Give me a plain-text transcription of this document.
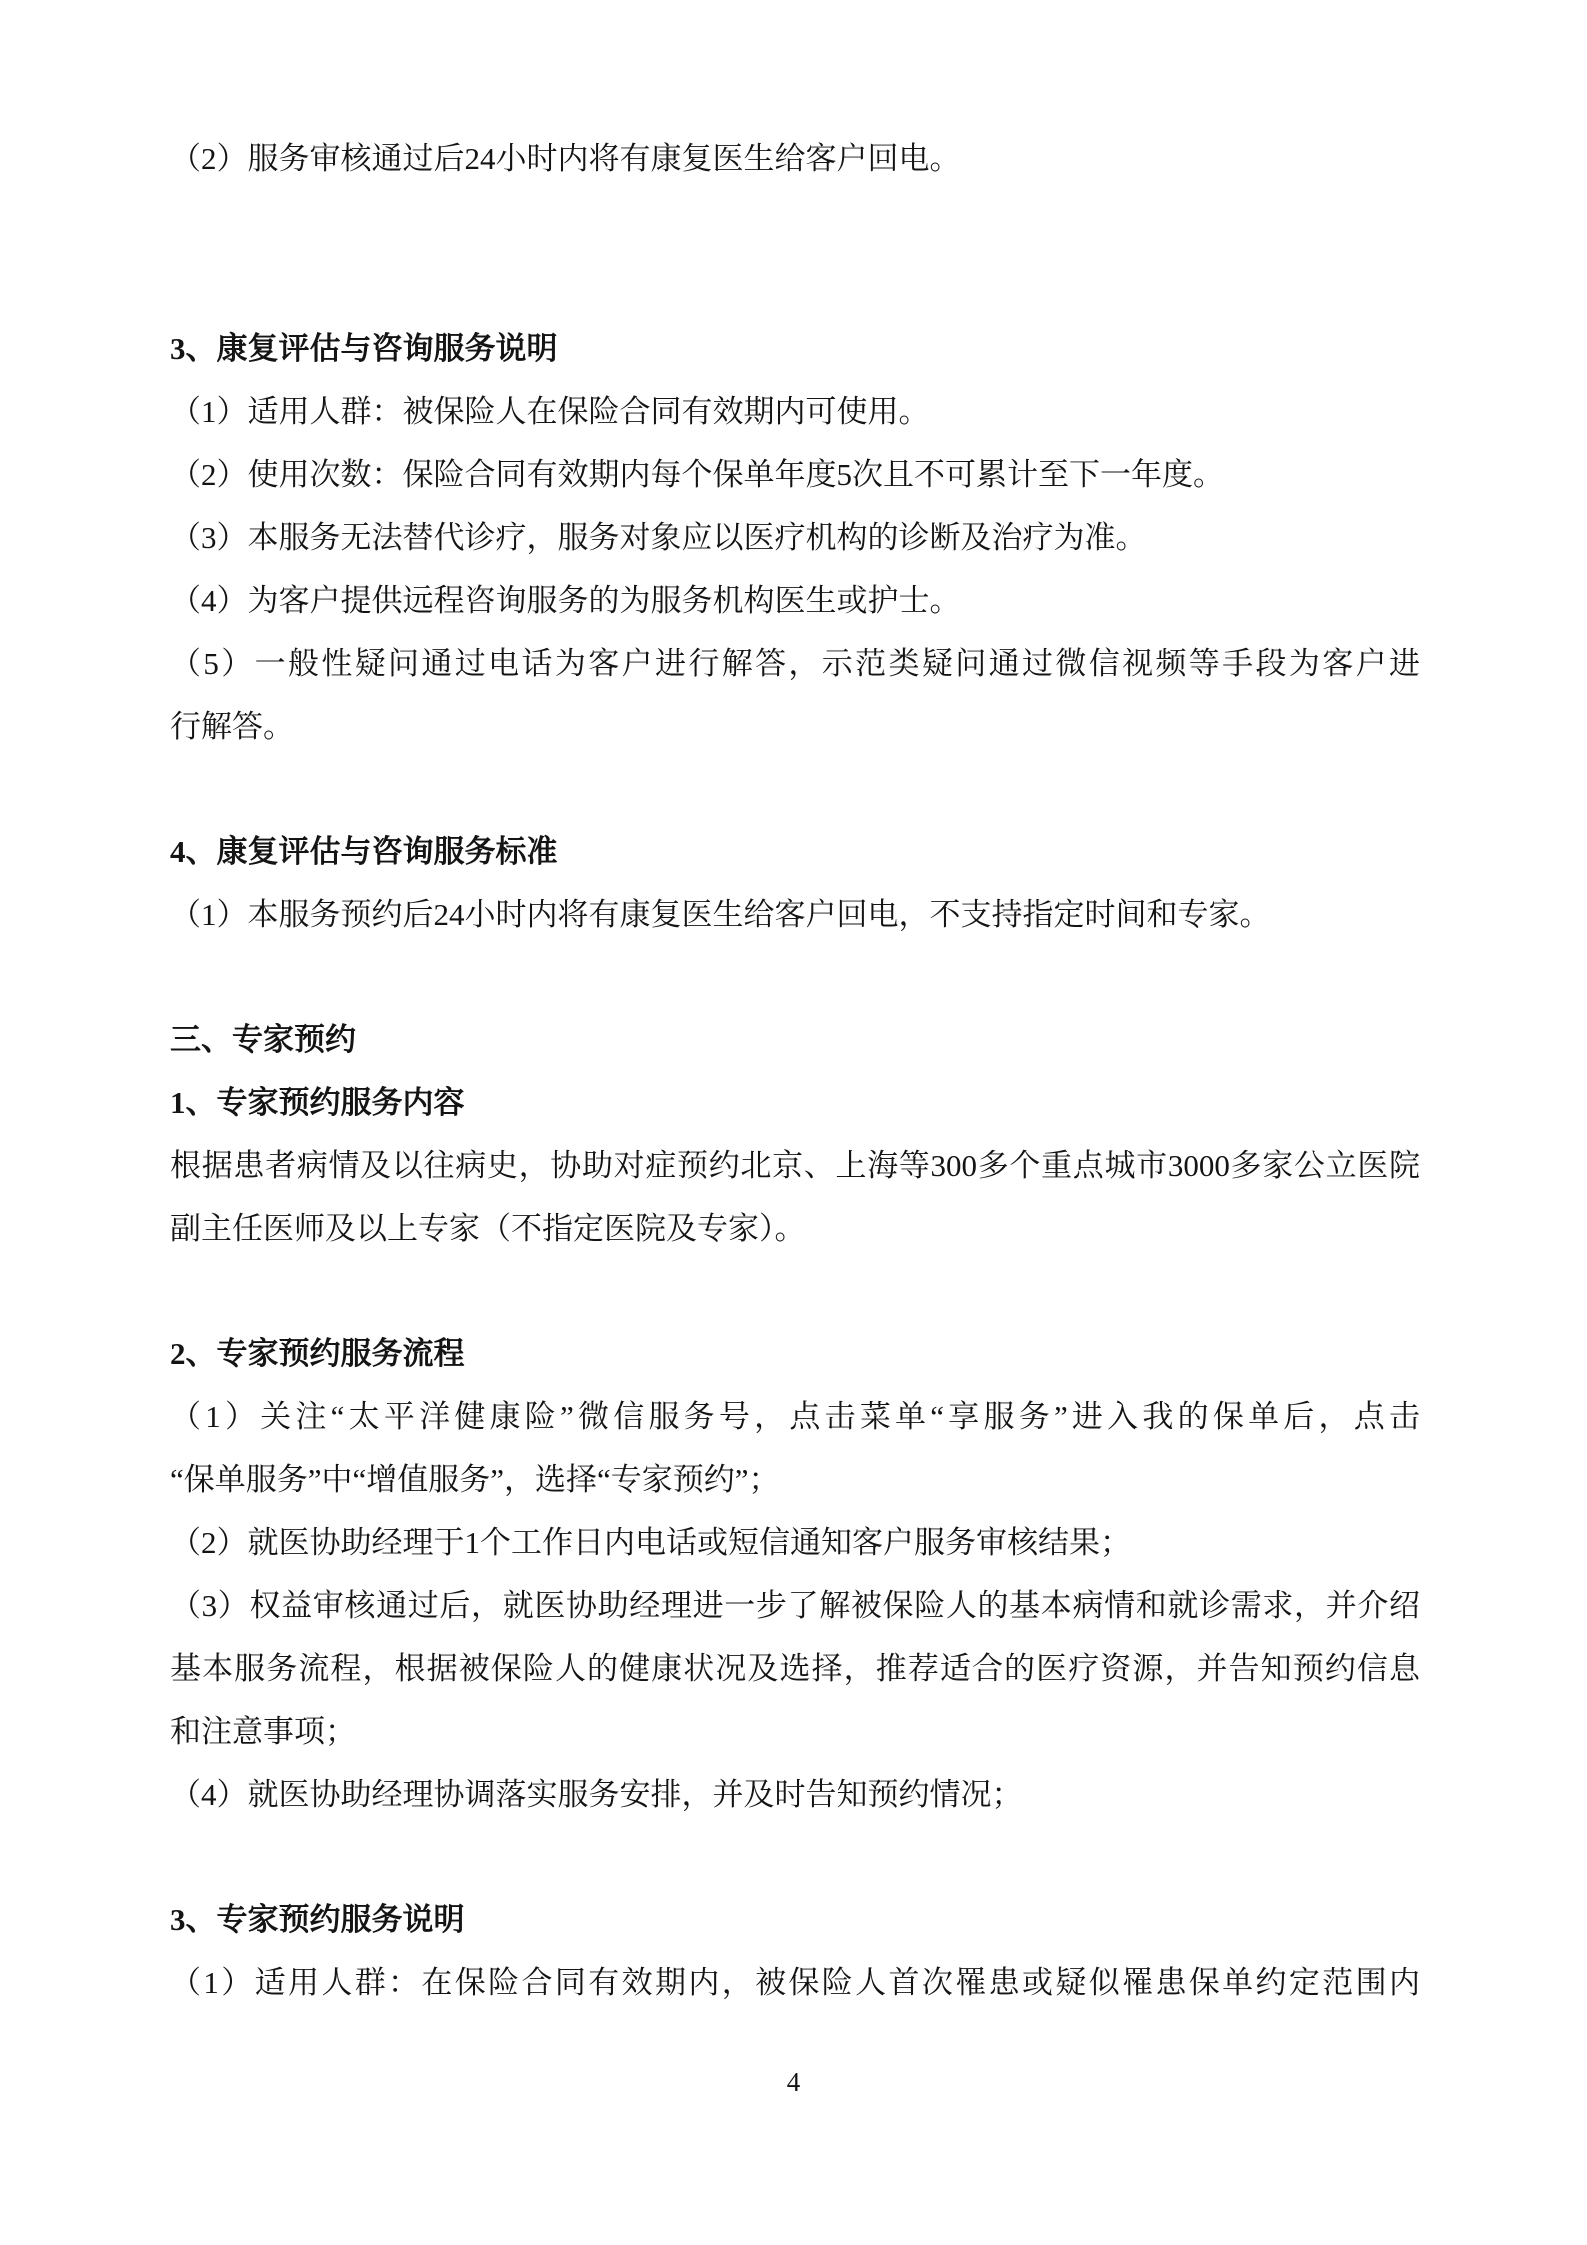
（2）服务审核通过后24小时内将有康复医生给客户回电。

3、康复评估与咨询服务说明

（1）适用人群：被保险人在保险合同有效期内可使用。

（2）使用次数：保险合同有效期内每个保单年度5次且不可累计至下一年度。

（3）本服务无法替代诊疗，服务对象应以医疗机构的诊断及治疗为准。

（4）为客户提供远程咨询服务的为服务机构医生或护士。

（5）一般性疑问通过电话为客户进行解答，示范类疑问通过微信视频等手段为客户进

行解答。

4、康复评估与咨询服务标准

（1）本服务预约后24小时内将有康复医生给客户回电，不支持指定时间和专家。

三、专家预约

1、专家预约服务内容

根据患者病情及以往病史，协助对症预约北京、上海等300多个重点城市3000多家公立医院

副主任医师及以上专家（不指定医院及专家）。

2、专家预约服务流程

（1）关注“太平洋健康险”微信服务号，点击菜单“享服务”进入我的保单后，点击

“保单服务”中“增值服务”，选择“专家预约”；

（2）就医协助经理于1个工作日内电话或短信通知客户服务审核结果；

（3）权益审核通过后，就医协助经理进一步了解被保险人的基本病情和就诊需求，并介绍

基本服务流程，根据被保险人的健康状况及选择，推荐适合的医疗资源，并告知预约信息

和注意事项；

（4）就医协助经理协调落实服务安排，并及时告知预约情况；

3、专家预约服务说明

（1）适用人群：在保险合同有效期内，被保险人首次罹患或疑似罹患保单约定范围内

4
